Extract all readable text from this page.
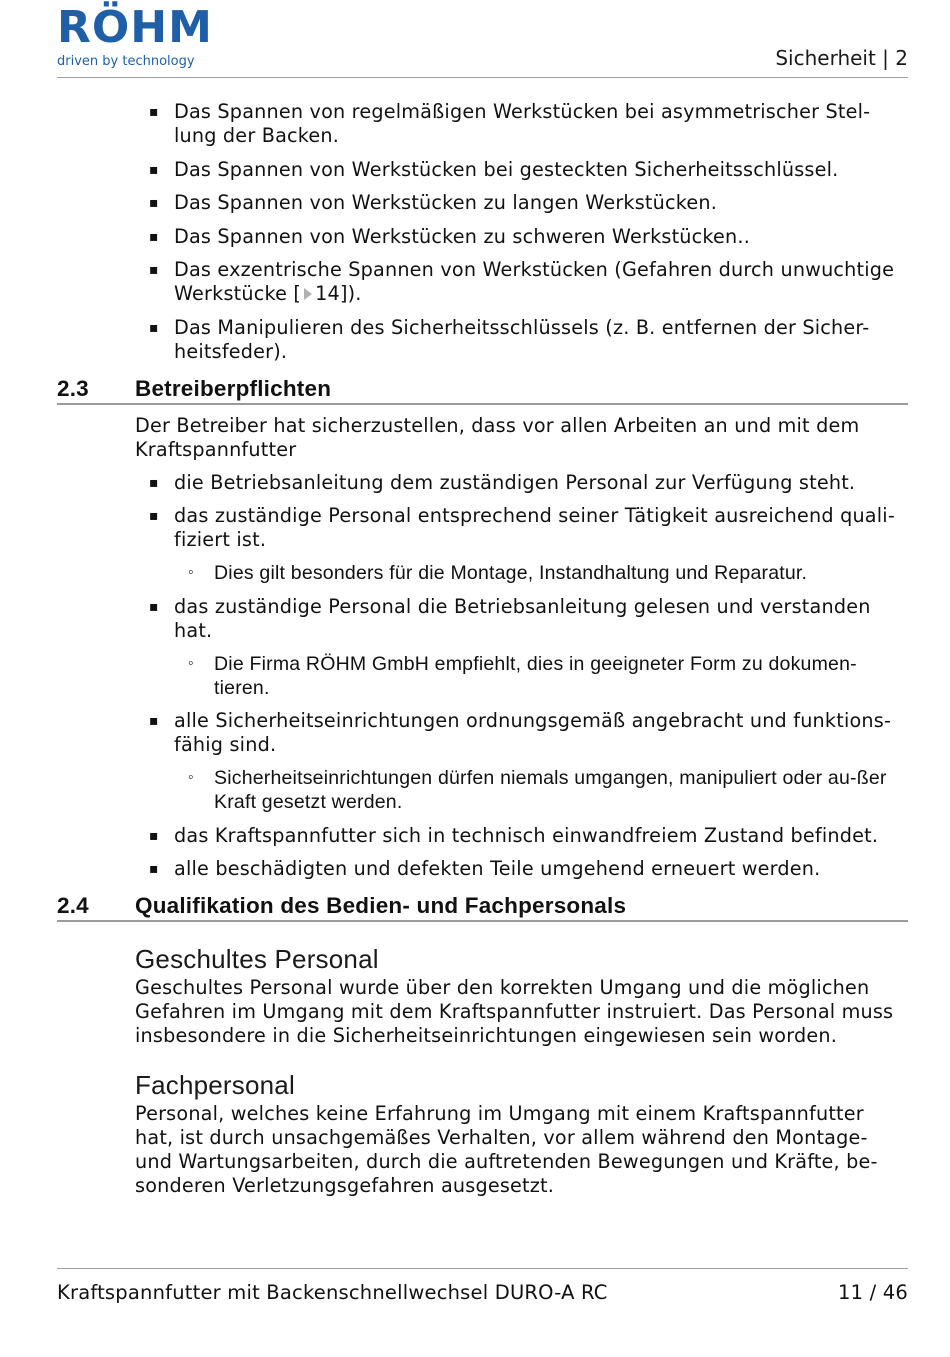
RÖHM
driven by technology	Sicherheit | 2
▪ Das Spannen von regelmäßigen Werkstücken bei asymmetrischer Stel-lung der Backen.
▪ Das Spannen von Werkstücken bei gesteckten Sicherheitsschlüssel.
▪ Das Spannen von Werkstücken zu langen Werkstücken.
▪ Das Spannen von Werkstücken zu schweren Werkstücken..
▪ Das exzentrische Spannen von Werkstücken (Gefahren durch unwuchtige Werkstücke [ 14]).
▪ Das Manipulieren des Sicherheitsschlüssels (z. B. entfernen der Sicher-heitsfeder).
2.3 Betreiberpflichten
Der Betreiber hat sicherzustellen, dass vor allen Arbeiten an und mit dem Kraftspannfutter
▪ die Betriebsanleitung dem zuständigen Personal zur Verfügung steht.
▪ das zuständige Personal entsprechend seiner Tätigkeit ausreichend quali-fiziert ist.
◦ Dies gilt besonders für die Montage, Instandhaltung und Reparatur.
▪ das zuständige Personal die Betriebsanleitung gelesen und verstanden hat.
◦ Die Firma RÖHM GmbH empfiehlt, dies in geeigneter Form zu dokumen-tieren.
▪ alle Sicherheitseinrichtungen ordnungsgemäß angebracht und funktions-fähig sind.
◦ Sicherheitseinrichtungen dürfen niemals umgangen, manipuliert oder au-ßer Kraft gesetzt werden.
▪ das Kraftspannfutter sich in technisch einwandfreiem Zustand befindet.
▪ alle beschädigten und defekten Teile umgehend erneuert werden.
2.4 Qualifikation des Bedien- und Fachpersonals
Geschultes Personal
Geschultes Personal wurde über den korrekten Umgang und die möglichen Gefahren im Umgang mit dem Kraftspannfutter instruiert. Das Personal muss insbesondere in die Sicherheitseinrichtungen eingewiesen sein worden.
Fachpersonal
Personal, welches keine Erfahrung im Umgang mit einem Kraftspannfutter hat, ist durch unsachgemäßes Verhalten, vor allem während den Montage- und Wartungsarbeiten, durch die auftretenden Bewegungen und Kräfte, be-sonderen Verletzungsgefahren ausgesetzt.
Kraftspannfutter mit Backenschnellwechsel DURO-A RC	11 / 46
